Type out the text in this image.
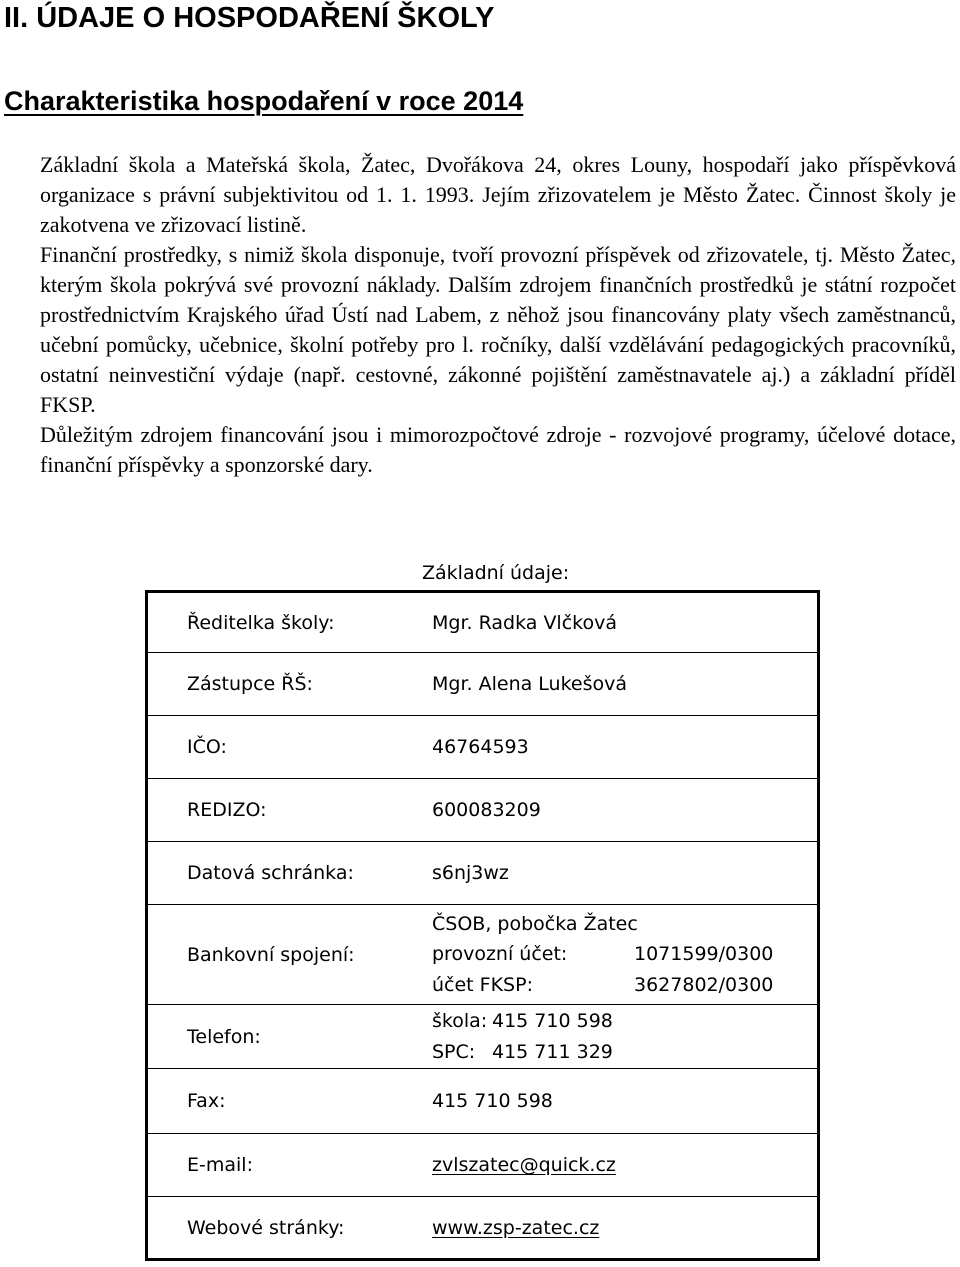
II. ÚDAJE O HOSPODAŘENÍ ŠKOLY
Charakteristika hospodaření v roce 2014

Základní škola a Mateřská škola, Žatec, Dvořákova 24, okres Louny, hospodaří jako příspěvková organizace s právní subjektivitou od 1. 1. 1993. Jejím zřizovatelem je Město Žatec. Činnost školy je zakotvena ve zřizovací listině.

Finanční prostředky, s nimiž škola disponuje, tvoří provozní příspěvek od zřizovatele, tj. Město Žatec, kterým škola pokrývá své provozní náklady. Dalším zdrojem finančních prostředků je státní rozpočet prostřednictvím Krajského úřad Ústí nad Labem, z něhož jsou financovány platy všech zaměstnanců, učební pomůcky, učebnice, školní potřeby pro l. ročníky, další vzdělávání pedagogických pracovníků, ostatní neinvestiční výdaje (např. cestovné, zákonné pojištění zaměstnavatele aj.) a základní příděl FKSP.

Důležitým zdrojem financování jsou i mimorozpočtové zdroje - rozvojové programy, účelové dotace, finanční příspěvky a sponzorské dary.

Základní údaje:
Ředitelka školy:	Mgr. Radka Vlčková
Zástupce ŘŠ:	Mgr. Alena Lukešová
IČO:	46764593
REDIZO:	600083209
Datová schránka:	s6nj3wz
Bankovní spojení:	ČSOB, pobočka Žatec
provozní účet: 1071599/0300
účet FKSP: 3627802/0300

Telefon:	škola: 415 710 598
SPC: 415 711 329

Fax:	415 710 598
E-mail:	zvlszatec@quick.cz
Webové stránky:	www.zsp-zatec.cz
